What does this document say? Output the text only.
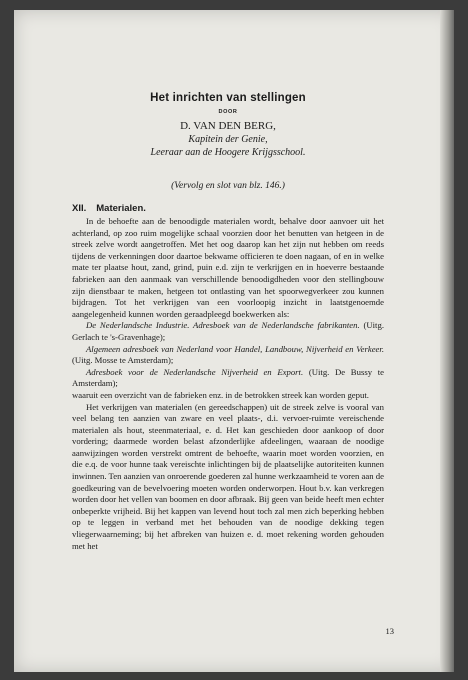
Het inrichten van stellingen
DOOR
D. VAN DEN BERG,
Kapitein der Genie,
Leeraar aan de Hoogere Krijgsschool.
(Vervolg en slot van blz. 146.)
XII. Materialen.

In de behoefte aan de benoodigde materialen wordt, behalve door aanvoer uit het achterland, op zoo ruim mogelijke schaal voorzien door het benutten van hetgeen in de streek zelve wordt aangetroffen. Met het oog daarop kan het zijn nut hebben om reeds tijdens de verkenningen door daartoe bekwame officieren te doen nagaan, of en in welke mate ter plaatse hout, zand, grind, puin e.d. zijn te verkrijgen en in hoeverre bestaande fabrieken aan den aanmaak van verschillende benoodigdheden voor den stellingbouw zijn dienstbaar te maken, hetgeen tot ontlasting van het spoorwegverkeer zou kunnen bijdragen. Tot het verkrijgen van een voorloopig inzicht in laatstgenoemde aangelegenheid kunnen worden geraadpleegd boekwerken als:

De Nederlandsche Industrie. Adresboek van de Nederlandsche fabrikanten. (Uitg. Gerlach te 's-Gravenhage);

Algemeen adresboek van Nederland voor Handel, Landbouw, Nijverheid en Verkeer. (Uitg. Mosse te Amsterdam);

Adresboek voor de Nederlandsche Nijverheid en Export. (Uitg. De Bussy te Amsterdam);

waaruit een overzicht van de fabrieken enz. in de betrokken streek kan worden geput.

Het verkrijgen van materialen (en gereedschappen) uit de streek zelve is vooral van veel belang ten aanzien van zware en veel plaats-, d.i. vervoer-ruimte vereischende materialen als hout, steenmateriaal, e. d. Het kan geschieden door aankoop of door vordering; daarmede worden belast afzonderlijke afdeelingen, waaraan de noodige aanwijzingen worden verstrekt omtrent de behoefte, waarin moet worden voorzien, en die e.q. de voor hunne taak vereischte inlichtingen bij de plaatselijke autoriteiten kunnen inwinnen. Ten aanzien van onroerende goederen zal hunne werkzaamheid te voren aan de goedkeuring van de bevelvoering moeten worden onderworpen. Hout b.v. kan verkregen worden door het vellen van boomen en door afbraak. Bij geen van beide heeft men echter onbeperkte vrijheid. Bij het kappen van levend hout toch zal men zich beperking hebben op te leggen in verband met het behouden van de noodige dekking tegen vliegerwaarneming; bij het afbreken van huizen e. d. moet rekening worden gehouden met het

13
